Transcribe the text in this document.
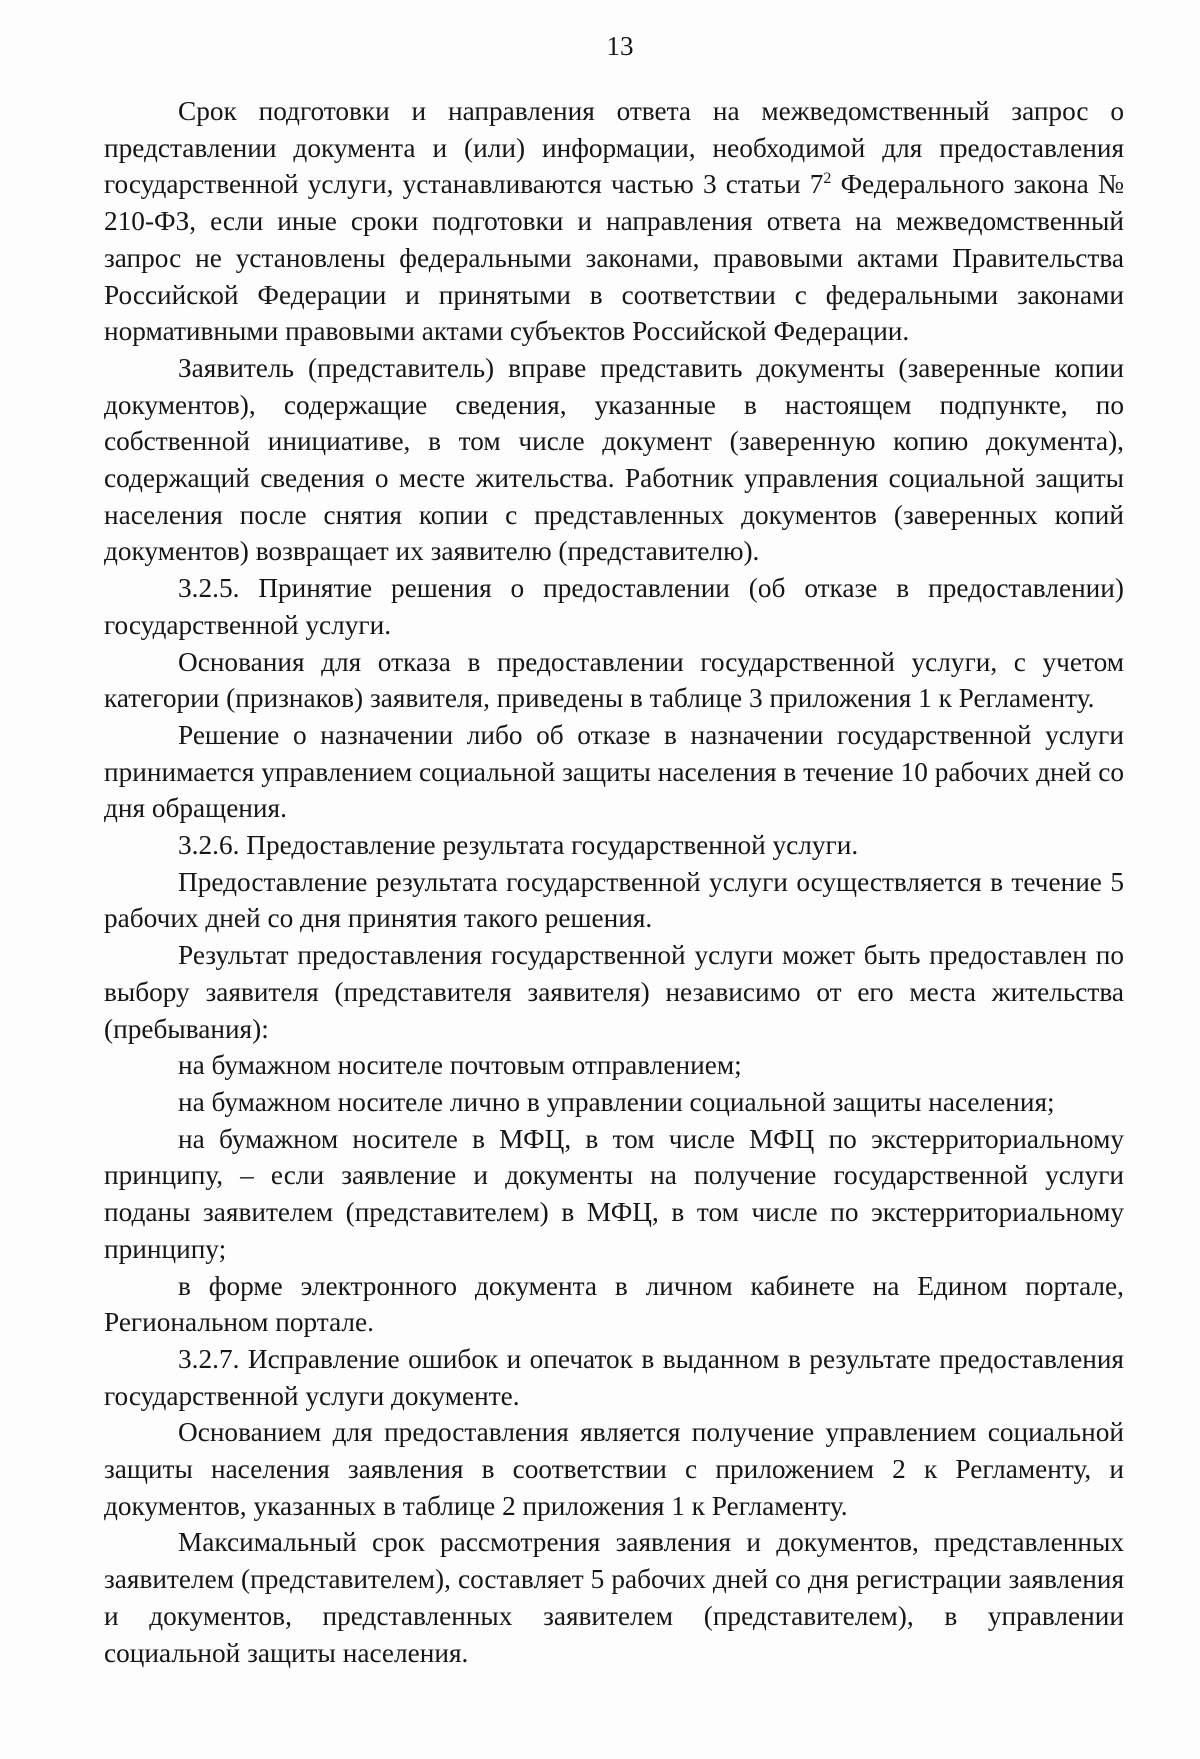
13

Срок подготовки и направления ответа на межведомственный запрос о представлении документа и (или) информации, необходимой для предоставления государственной услуги, устанавливаются частью 3 статьи $7^2$ Федерального закона № 210-ФЗ, если иные сроки подготовки и направления ответа на межведомственный запрос не установлены федеральными законами, правовыми актами Правительства Российской Федерации и принятыми в соответствии с федеральными законами нормативными правовыми актами субъектов Российской Федерации.

Заявитель (представитель) вправе представить документы (заверенные копии документов), содержащие сведения, указанные в настоящем подпункте, по собственной инициативе, в том числе документ (заверенную копию документа), содержащий сведения о месте жительства. Работник управления социальной защиты населения после снятия копии с представленных документов (заверенных копий документов) возвращает их заявителю (представителю).

3.2.5. Принятие решения о предоставлении (об отказе в предоставлении) государственной услуги.

Основания для отказа в предоставлении государственной услуги, с учетом категории (признаков) заявителя, приведены в таблице 3 приложения 1 к Регламенту.

Решение о назначении либо об отказе в назначении государственной услуги принимается управлением социальной защиты населения в течение 10 рабочих дней со дня обращения.

3.2.6. Предоставление результата государственной услуги.

Предоставление результата государственной услуги осуществляется в течение 5 рабочих дней со дня принятия такого решения.

Результат предоставления государственной услуги может быть предоставлен по выбору заявителя (представителя заявителя) независимо от его места жительства (пребывания):

на бумажном носителе почтовым отправлением;

на бумажном носителе лично в управлении социальной защиты населения;

на бумажном носителе в МФЦ, в том числе МФЦ по экстерриториальному принципу, – если заявление и документы на получение государственной услуги поданы заявителем (представителем) в МФЦ, в том числе по экстерриториальному принципу;

в форме электронного документа в личном кабинете на Едином портале, Региональном портале.

3.2.7. Исправление ошибок и опечаток в выданном в результате предоставления государственной услуги документе.

Основанием для предоставления является получение управлением социальной защиты населения заявления в соответствии с приложением 2 к Регламенту, и документов, указанных в таблице 2 приложения 1 к Регламенту.

Максимальный срок рассмотрения заявления и документов, представленных заявителем (представителем), составляет 5 рабочих дней со дня регистрации заявления и документов, представленных заявителем (представителем), в управлении социальной защиты населения.
